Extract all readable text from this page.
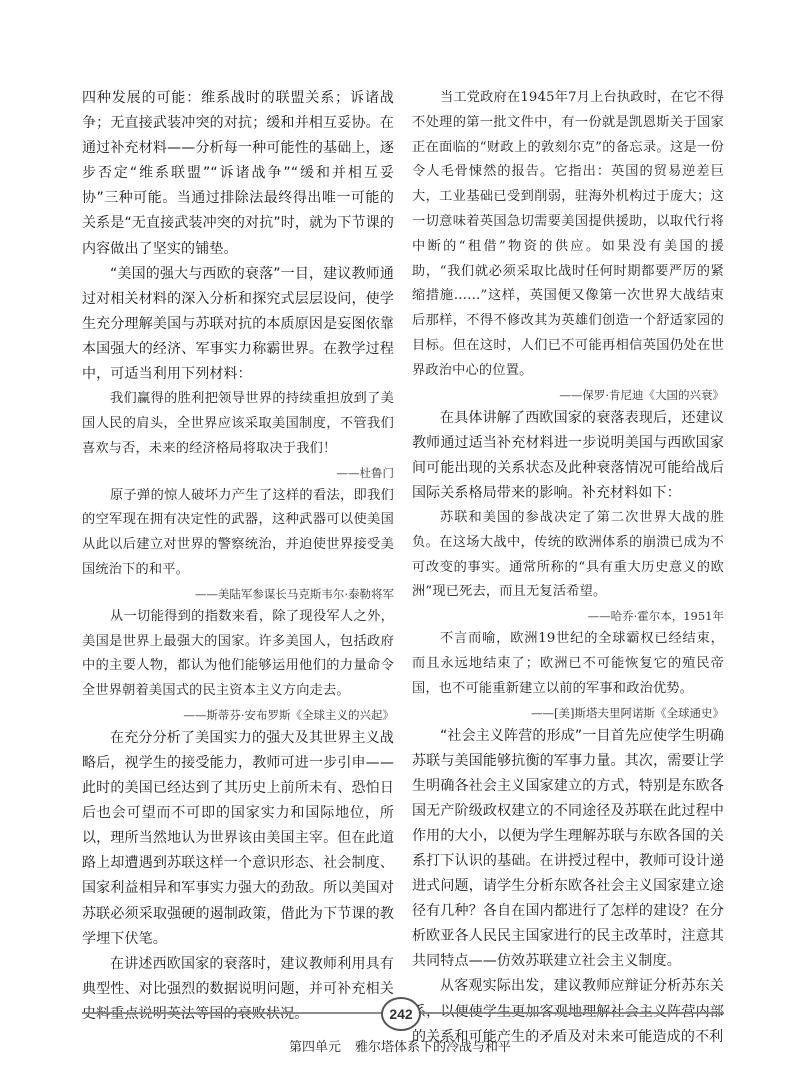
四种发展的可能：维系战时的联盟关系；诉诸战争；无直接武装冲突的对抗；缓和并相互妥协。在通过补充材料——分析每一种可能性的基础上，逐步否定“维系联盟”“诉诸战争”“缓和并相互妥协”三种可能。当通过排除法最终得出唯一可能的关系是“无直接武装冲突的对抗”时，就为下节课的内容做出了坚实的铺垫。

“美国的强大与西欧的衰落”一目，建议教师通过对相关材料的深入分析和探究式层层设问，使学生充分理解美国与苏联对抗的本质原因是妄图依靠本国强大的经济、军事实力称霸世界。在教学过程中，可适当利用下列材料：

我们赢得的胜利把领导世界的持续重担放到了美国人民的肩头，全世界应该采取美国制度，不管我们喜欢与否，未来的经济格局将取决于我们！

——杜鲁门

原子弹的惊人破坏力产生了这样的看法，即我们的空军现在拥有决定性的武器，这种武器可以使美国从此以后建立对世界的警察统治，并迫使世界接受美国统治下的和平。

——美陆军参谋长马克斯韦尔·泰勒将军

从一切能得到的指数来看，除了现役军人之外，美国是世界上最强大的国家。许多美国人，包括政府中的主要人物，都认为他们能够运用他们的力量命令全世界朝着美国式的民主资本主义方向走去。

——斯蒂芬·安布罗斯《全球主义的兴起》

在充分分析了美国实力的强大及其世界主义战略后，视学生的接受能力，教师可进一步引申——此时的美国已经达到了其历史上前所未有、恐怕日后也会可望而不可即的国家实力和国际地位，所以，理所当然地认为世界该由美国主宰。但在此道路上却遭遇到苏联这样一个意识形态、社会制度、国家利益相异和军事实力强大的劲敌。所以美国对苏联必须采取强硬的遏制政策，借此为下节课的教学埋下伏笔。

在讲述西欧国家的衰落时，建议教师利用具有典型性、对比强烈的数据说明问题，并可补充相关

当工党政府在1945年7月上台执政时，在它不得不处理的第一批文件中，有一份就是凯恩斯关于国家正在面临的“财政上的敦刻尔克”的备忘录。这是一份令人毛骨悚然的报告。它指出：英国的贸易逆差巨大，工业基础已受到削弱，驻海外机构过于庞大；这一切意味着英国急切需要美国提供援助，以取代行将中断的“租借”物资的供应。如果没有美国的援助，“我们就必须采取比战时任何时期都要严厉的紧缩措施……”这样，英国便又像第一次世界大战结束后那样，不得不修改其为英雄们创造一个舒适家园的目标。但在这时，人们已不可能再相信英国仍处在世界政治中心的位置。

——保罗·肯尼迪《大国的兴衰》

在具体讲解了西欧国家的衰落表现后，还建议教师通过适当补充材料进一步说明美国与西欧国家间可能出现的关系状态及此种衰落情况可能给战后国际关系格局带来的影响。补充材料如下：

苏联和美国的参战决定了第二次世界大战的胜负。在这场大战中，传统的欧洲体系的崩溃已成为不可改变的事实。通常所称的“具有重大历史意义的欧洲”现已死去，而且无复活希望。

——哈乔·霍尔本，1951年

不言而喻，欧洲19世纪的全球霸权已经结束，而且永远地结束了；欧洲已不可能恢复它的殖民帝国，也不可能重新建立以前的军事和政治优势。

——[美]斯塔夫里阿诺斯《全球通史》

“社会主义阵营的形成”一目首先应使学生明确苏联与美国能够抗衡的军事力量。其次，需要让学生明确各社会主义国家建立的方式，特别是东欧各国无产阶级政权建立的不同途径及苏联在此过程中作用的大小，以便为学生理解苏联与东欧各国的关系打下认识的基础。在讲授过程中，教师可设计递进式问题，请学生分析东欧各社会主义国家建立途径有几种？各自在国内都进行了怎样的建设？在分析欧亚各人民民主国家进行的民主改革时，注意其共同特点——仿效苏联建立社会主义制度。

从客观实际出发，建议教师应辩证分析苏东关 的关系和可能产生的矛盾及对未来可能造成的不利

242
第四单元 雅尔塔体系下的冷战与和平
